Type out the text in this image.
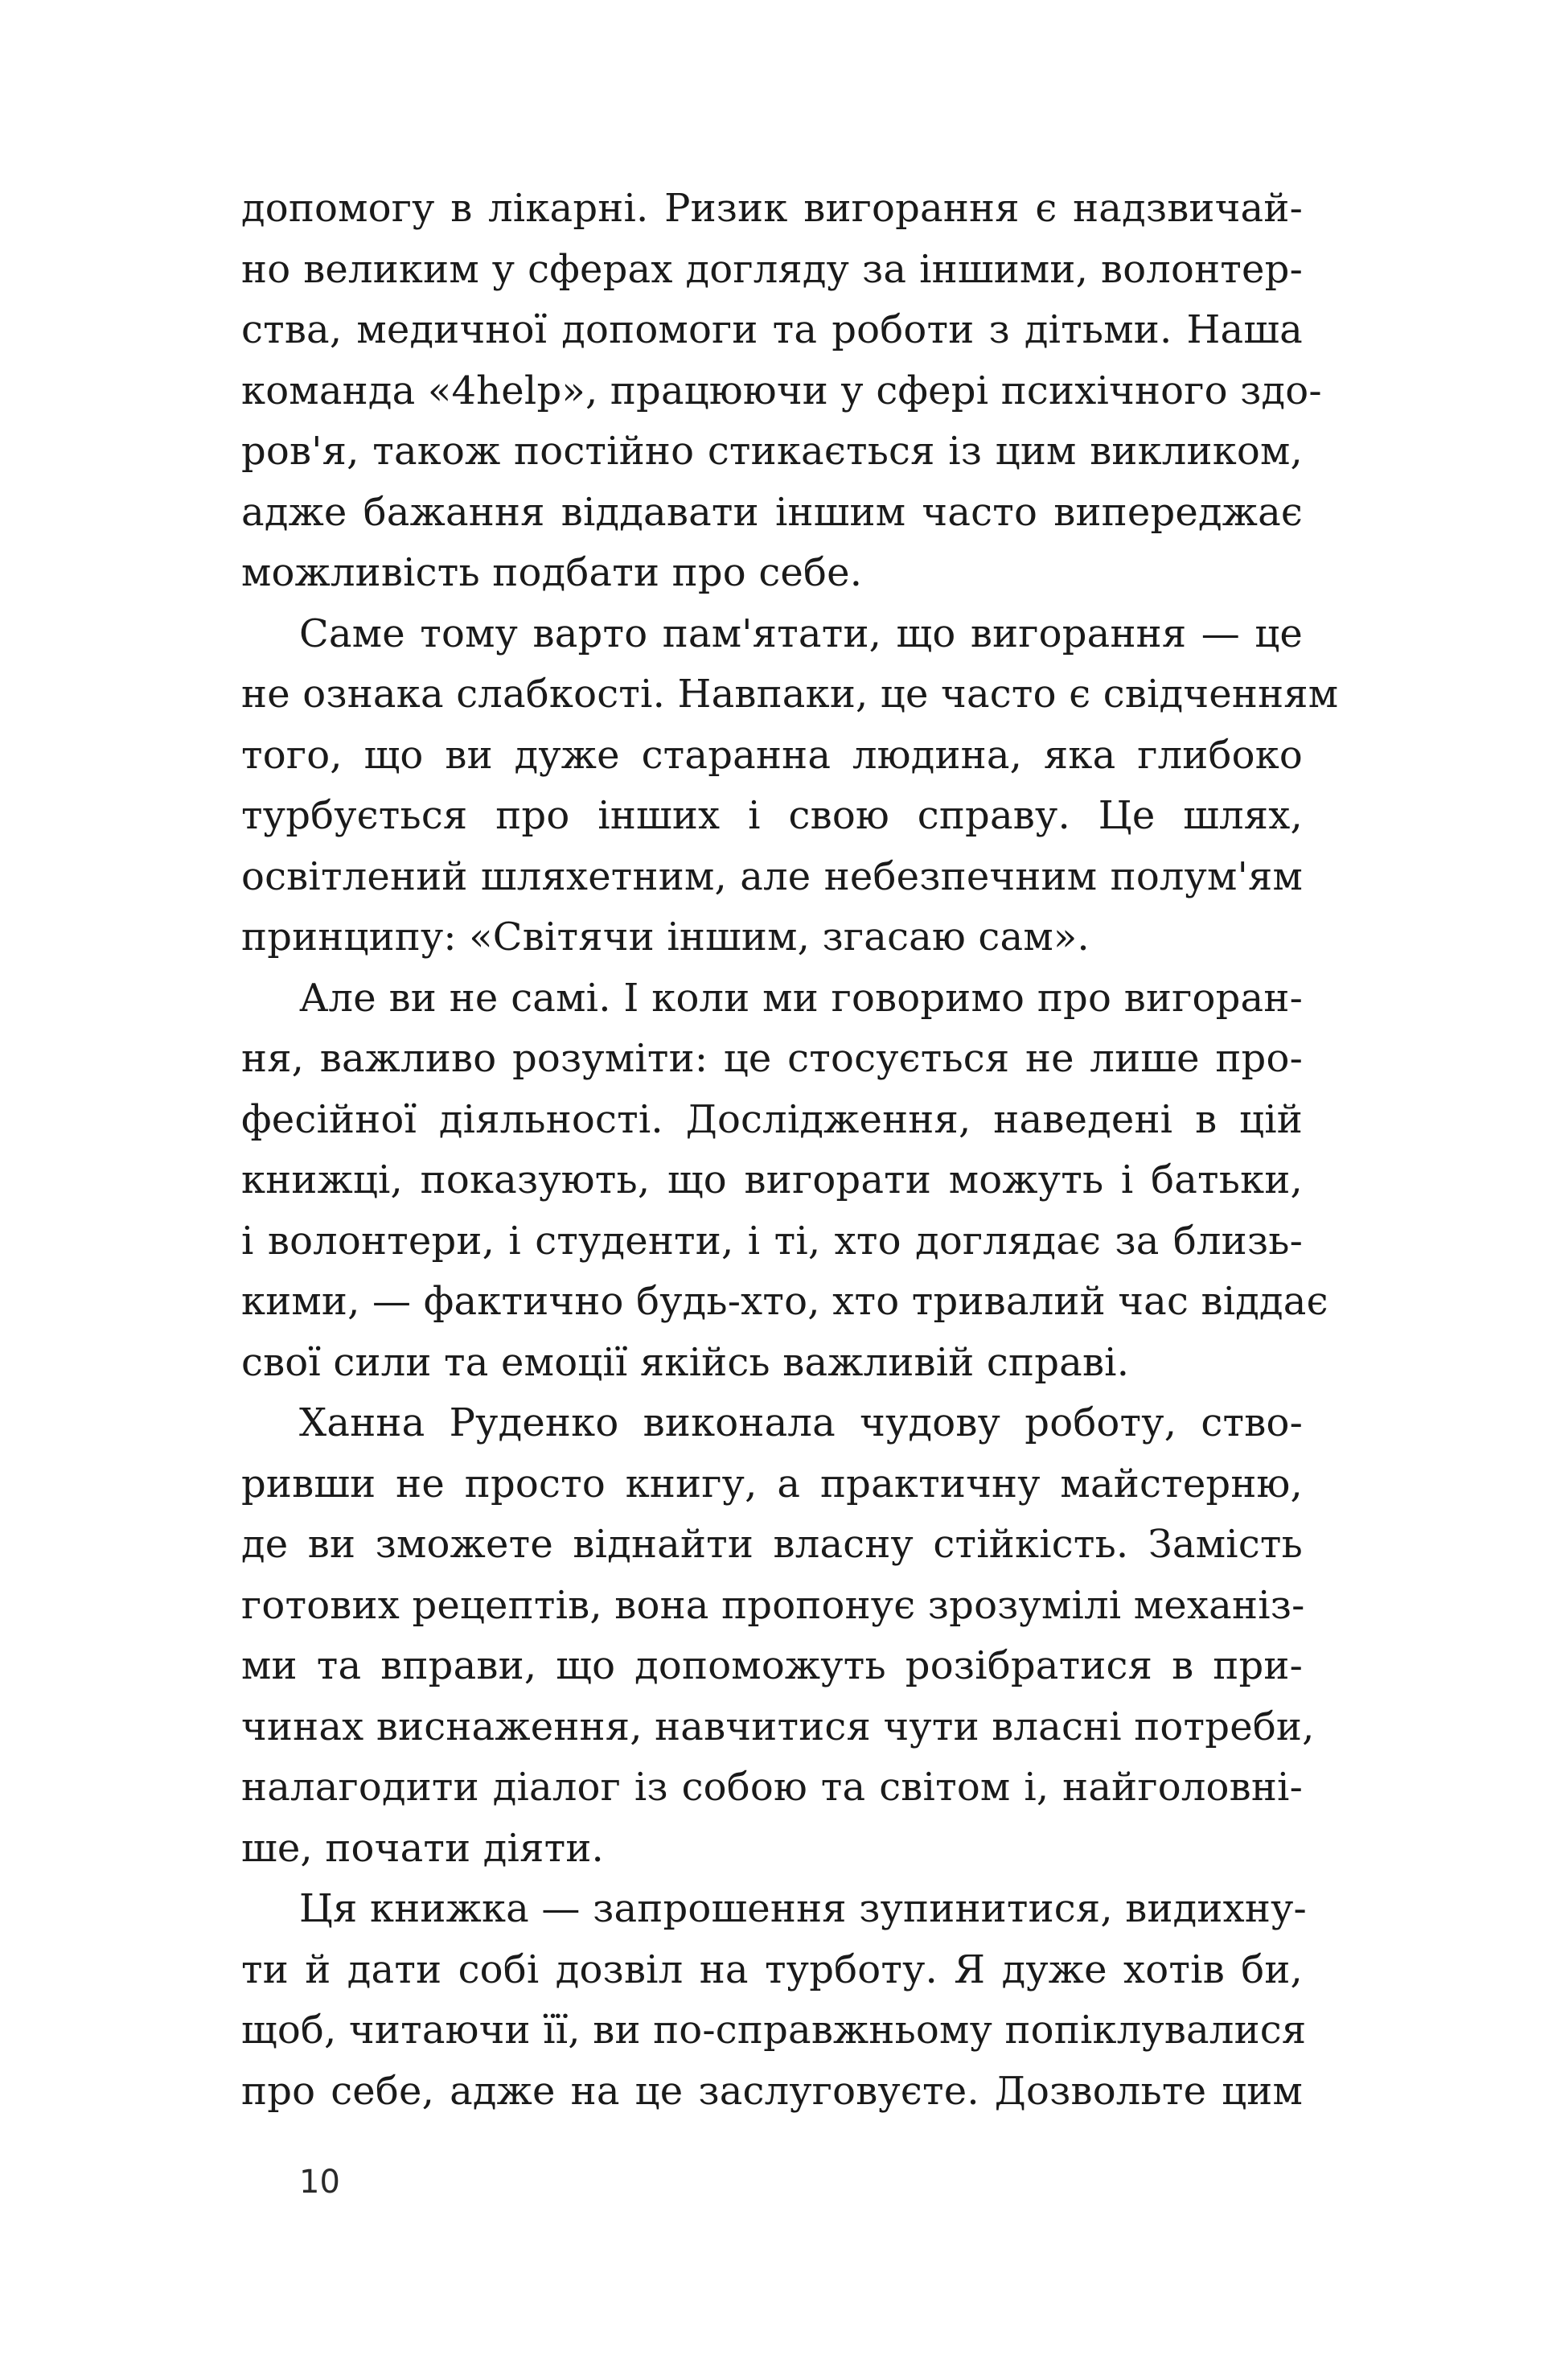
допомогу в лікарні. Ризик вигорання є надзвичай-
но великим у сферах догляду за іншими, волонтер-
ства, медичної допомоги та роботи з дітьми. Наша
команда «4help», працюючи у сфері психічного здо-
ров'я, також постійно стикається із цим викликом,
адже бажання віддавати іншим часто випереджає
можливість подбати про себе.
Саме тому варто пам'ятати, що вигорання — це
не ознака слабкості. Навпаки, це часто є свідченням
того, що ви дуже старанна людина, яка глибоко
турбується про інших і свою справу. Це шлях,
освітлений шляхетним, але небезпечним полум'ям
принципу: «Світячи іншим, згасаю сам».
Але ви не самі. І коли ми говоримо про вигоран-
ня, важливо розуміти: це стосується не лише про-
фесійної діяльності. Дослідження, наведені в цій
книжці, показують, що вигорати можуть і батьки,
і волонтери, і студенти, і ті, хто доглядає за близь-
кими, — фактично будь-хто, хто тривалий час віддає
свої сили та емоції якійсь важливій справі.
Ханна Руденко виконала чудову роботу, ство-
ривши не просто книгу, а практичну майстерню,
де ви зможете віднайти власну стійкість. Замість
готових рецептів, вона пропонує зрозумілі механіз-
ми та вправи, що допоможуть розібратися в при-
чинах виснаження, навчитися чути власні потреби,
налагодити діалог із собою та світом і, найголовні-
ше, почати діяти.
Ця книжка — запрошення зупинитися, видихну-
ти й дати собі дозвіл на турботу. Я дуже хотів би,
щоб, читаючи її, ви по-справжньому попіклувалися
про себе, адже на це заслуговуєте. Дозвольте цим
10
